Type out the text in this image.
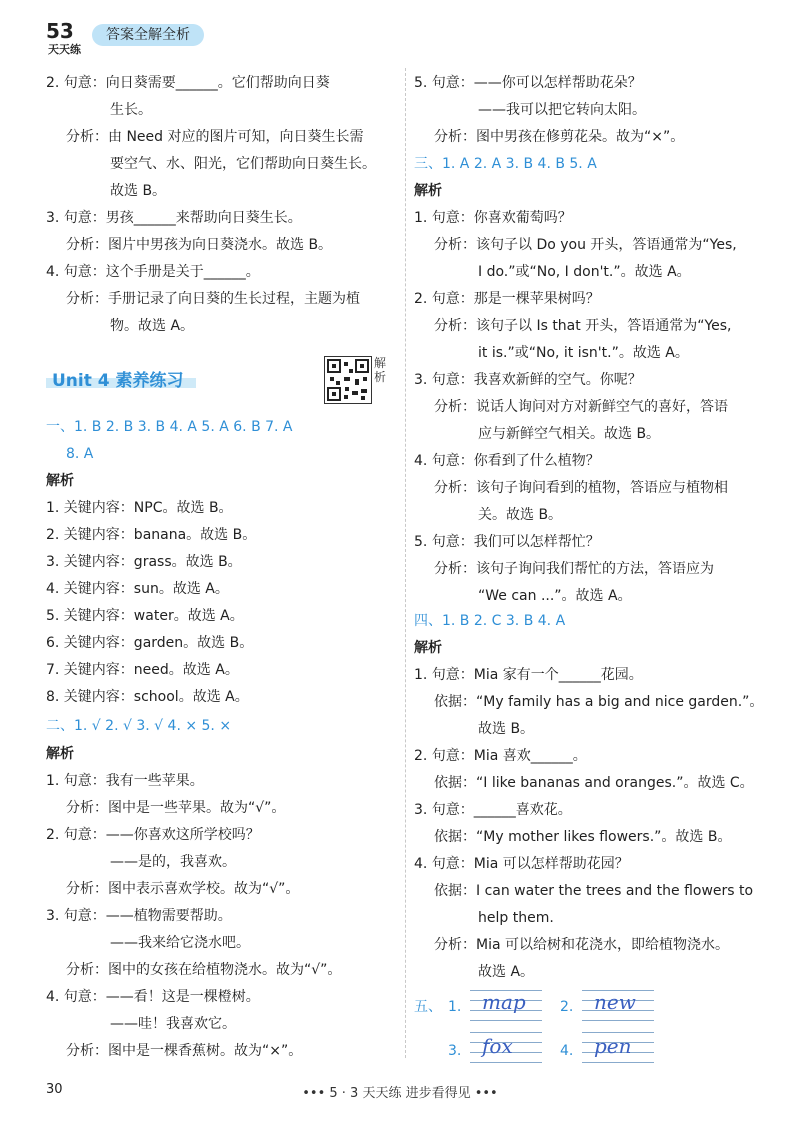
53
天天练
答案全解全析
2. 句意：向日葵需要______。它们帮助向日葵
生长。
分析：由 Need 对应的图片可知，向日葵生长需
要空气、水、阳光，它们帮助向日葵生长。
故选 B。
3. 句意：男孩______来帮助向日葵生长。
分析：图片中男孩为向日葵浇水。故选 B。
4. 句意：这个手册是关于______。
分析：手册记录了向日葵的生长过程，主题为植
物。故选 A。
Unit 4 素养练习
解析
一、1. B 2. B 3. B 4. A 5. A 6. B 7. A
8. A
解析
1. 关键内容：NPC。故选 B。
2. 关键内容：banana。故选 B。
3. 关键内容：grass。故选 B。
4. 关键内容：sun。故选 A。
5. 关键内容：water。故选 A。
6. 关键内容：garden。故选 B。
7. 关键内容：need。故选 A。
8. 关键内容：school。故选 A。
二、1. √ 2. √ 3. √ 4. × 5. ×
解析
1. 句意：我有一些苹果。
分析：图中是一些苹果。故为“√”。
2. 句意：——你喜欢这所学校吗？
——是的，我喜欢。
分析：图中表示喜欢学校。故为“√”。
3. 句意：——植物需要帮助。
——我来给它浇水吧。
分析：图中的女孩在给植物浇水。故为“√”。
4. 句意：——看！这是一棵橙树。
——哇！我喜欢它。
分析：图中是一棵香蕉树。故为“×”。
5. 句意：——你可以怎样帮助花朵？
——我可以把它转向太阳。
分析：图中男孩在修剪花朵。故为“×”。
三、1. A 2. A 3. B 4. B 5. A
解析
1. 句意：你喜欢葡萄吗？
分析：该句子以 Do you 开头，答语通常为“Yes,
I do.”或“No, I don't.”。故选 A。
2. 句意：那是一棵苹果树吗？
分析：该句子以 Is that 开头，答语通常为“Yes,
it is.”或“No, it isn't.”。故选 A。
3. 句意：我喜欢新鲜的空气。你呢？
分析：说话人询问对方对新鲜空气的喜好，答语
应与新鲜空气相关。故选 B。
4. 句意：你看到了什么植物？
分析：该句子询问看到的植物，答语应与植物相
关。故选 B。
5. 句意：我们可以怎样帮忙？
分析：该句子询问我们帮忙的方法，答语应为
“We can ...”。故选 A。
四、1. B 2. C 3. B 4. A
解析
1. 句意：Mia 家有一个______花园。
依据：“My family has a big and nice garden.”。
故选 B。
2. 句意：Mia 喜欢______。
依据：“I like bananas and oranges.”。故选 C。
3. 句意：______喜欢花。
依据：“My mother likes flowers.”。故选 B。
4. 句意：Mia 可以怎样帮助花园？
依据：I can water the trees and the flowers to
help them.
分析：Mia 可以给树和花浇水，即给植物浇水。
故选 A。
五、 1. map 2. new
3. fox	4. pen
30	••• 5 · 3 天天练 进步看得见 •••
